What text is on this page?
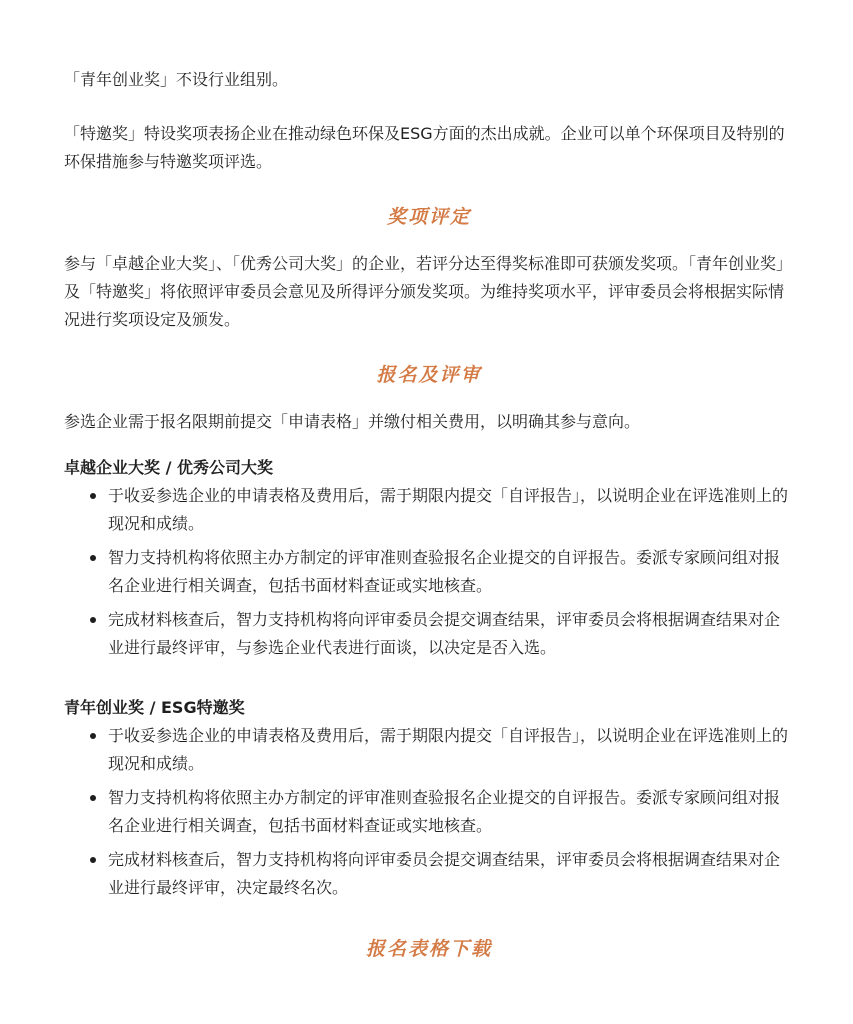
「青年创业奖」不设行业组别。

「特邀奖」特设奖项表扬企业在推动绿色环保及ESG方面的杰出成就。企业可以单个环保项目及特别的环保措施参与特邀奖项评选。

奖项评定

参与「卓越企业大奖」、「优秀公司大奖」的企业，若评分达至得奖标准即可获颁发奖项。「青年创业奖」及「特邀奖」将依照评审委员会意见及所得评分颁发奖项。为维持奖项水平，评审委员会将根据实际情况进行奖项设定及颁发。

报名及评审

参选企业需于报名限期前提交「申请表格」并缴付相关费用，以明确其参与意向。

卓越企业大奖 / 优秀公司大奖
于收妥参选企业的申请表格及费用后，需于期限内提交「自评报告」，以说明企业在评选准则上的现况和成绩。
智力支持机构将依照主办方制定的评审准则查验报名企业提交的自评报告。委派专家顾问组对报名企业进行相关调查，包括书面材料查证或实地核查。
完成材料核查后，智力支持机构将向评审委员会提交调查结果，评审委员会将根据调查结果对企业进行最终评审，与参选企业代表进行面谈，以决定是否入选。
青年创业奖 / ESG特邀奖
于收妥参选企业的申请表格及费用后，需于期限内提交「自评报告」，以说明企业在评选准则上的现况和成绩。
智力支持机构将依照主办方制定的评审准则查验报名企业提交的自评报告。委派专家顾问组对报名企业进行相关调查，包括书面材料查证或实地核查。
完成材料核查后，智力支持机构将向评审委员会提交调查结果，评审委员会将根据调查结果对企业进行最终评审，决定最终名次。
报名表格下载
